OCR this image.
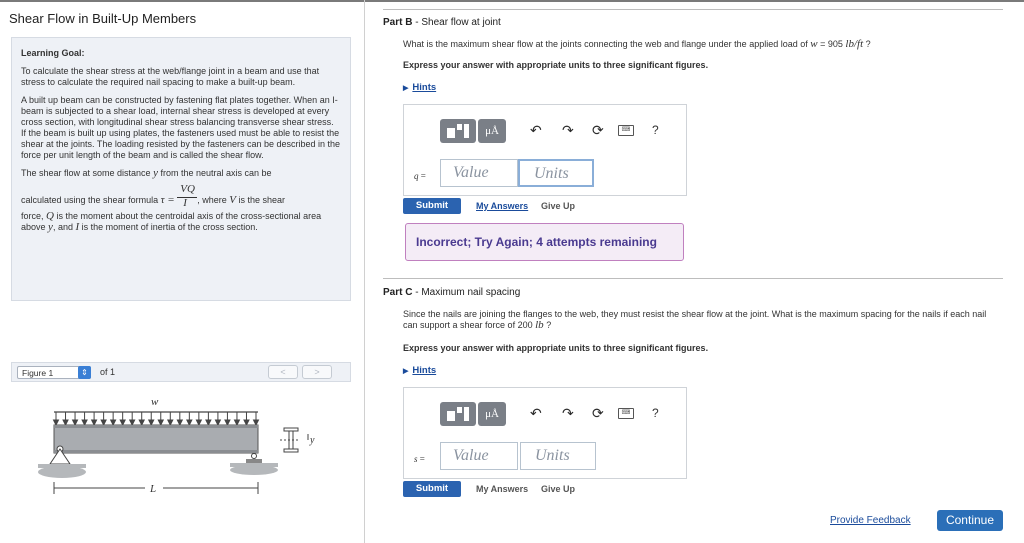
Shear Flow in Built-Up Members
Learning Goal:

To calculate the shear stress at the web/flange joint in a beam and use that stress to calculate the required nail spacing to make a built-up beam.

A built up beam can be constructed by fastening flat plates together. When an I-beam is subjected to a shear load, internal shear stress is developed at every cross section, with longitudinal shear stress balancing transverse shear stress. If the beam is built up using plates, the fasteners used must be able to resist the shear at the joints. The loading resisted by the fasteners can be described in the force per unit length of the beam and is called the shear flow.

The shear flow at some distance y from the neutral axis can be
calculated using the shear formula $\tau = \frac{VQ}{I}$ , where V is the shear

force, Q is the moment about the centroidal axis of the cross-sectional area above y, and I is the moment of inertia of the cross section.

Figure 1	⇕	of 1	<	>
w
L
y
Part B - Shear flow at joint
What is the maximum shear flow at the joints connecting the web and flange under the applied load of w = 905 lb/ft ?
Express your answer with appropriate units to three significant figures.
▶ Hints
μÅ	↶ ↷ ⟳	⌨	?
q =	Value	Units
Submit	My Answers Give Up
Incorrect; Try Again; 4 attempts remaining
Part C - Maximum nail spacing
Since the nails are joining the flanges to the web, they must resist the shear flow at the joint. What is the maximum spacing for the nails if each nail can support a shear force of 200 lb ?
Express your answer with appropriate units to three significant figures.
▶ Hints
μÅ	↶ ↷ ⟳	⌨	?
s =	Value	Units
Submit	My Answers Give Up
Provide Feedback	Continue
